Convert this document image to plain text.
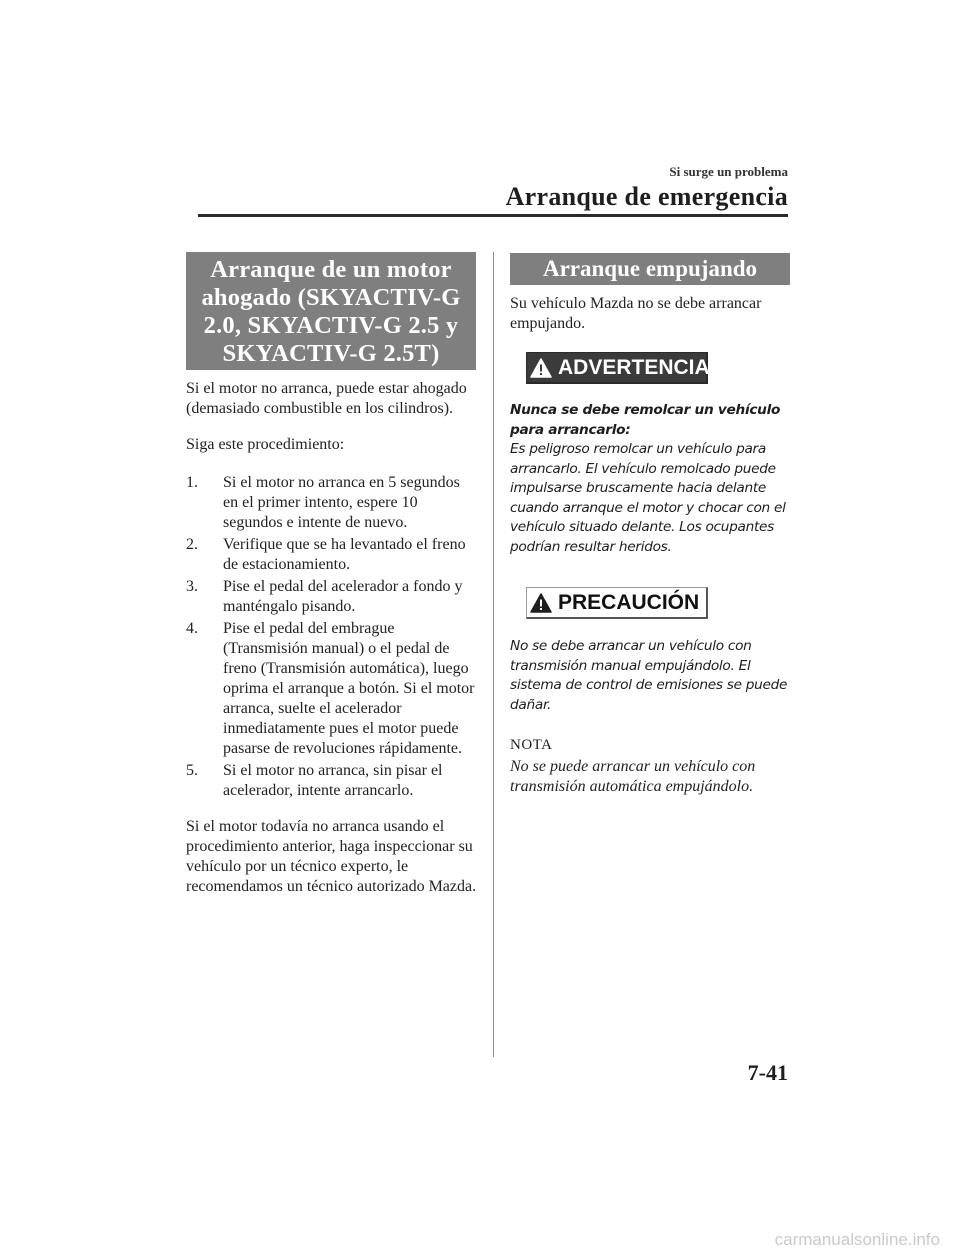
Si surge un problema
Arranque de emergencia
Arranque de un motor ahogado (SKYACTIV-G 2.0, SKYACTIV-G 2.5 y SKYACTIV-G 2.5T)

Si el motor no arranca, puede estar ahogado (demasiado combustible en los cilindros).

Siga este procedimiento:

1. Si el motor no arranca en 5 segundos en el primer intento, espere 10 segundos e intente de nuevo.
2. Verifique que se ha levantado el freno de estacionamiento.
3. Pise el pedal del acelerador a fondo y manténgalo pisando.
4. Pise el pedal del embrague (Transmisión manual) o el pedal de freno (Transmisión automática), luego oprima el arranque a botón. Si el motor arranca, suelte el acelerador inmediatamente pues el motor puede pasarse de revoluciones rápidamente.
5. Si el motor no arranca, sin pisar el acelerador, intente arrancarlo.

Si el motor todavía no arranca usando el procedimiento anterior, haga inspeccionar su vehículo por un técnico experto, le recomendamos un técnico autorizado Mazda.

Arranque empujando

Su vehículo Mazda no se debe arrancar empujando.

ADVERTENCIA

Nunca se debe remolcar un vehículo para arrancarlo:

Es peligroso remolcar un vehículo para arrancarlo. El vehículo remolcado puede impulsarse bruscamente hacia delante cuando arranque el motor y chocar con el vehículo situado delante. Los ocupantes podrían resultar heridos.

PRECAUCIÓN

No se debe arrancar un vehículo con transmisión manual empujándolo. El sistema de control de emisiones se puede dañar.

NOTA

No se puede arrancar un vehículo con transmisión automática empujándolo.

7-41
carmanualsonline.info
